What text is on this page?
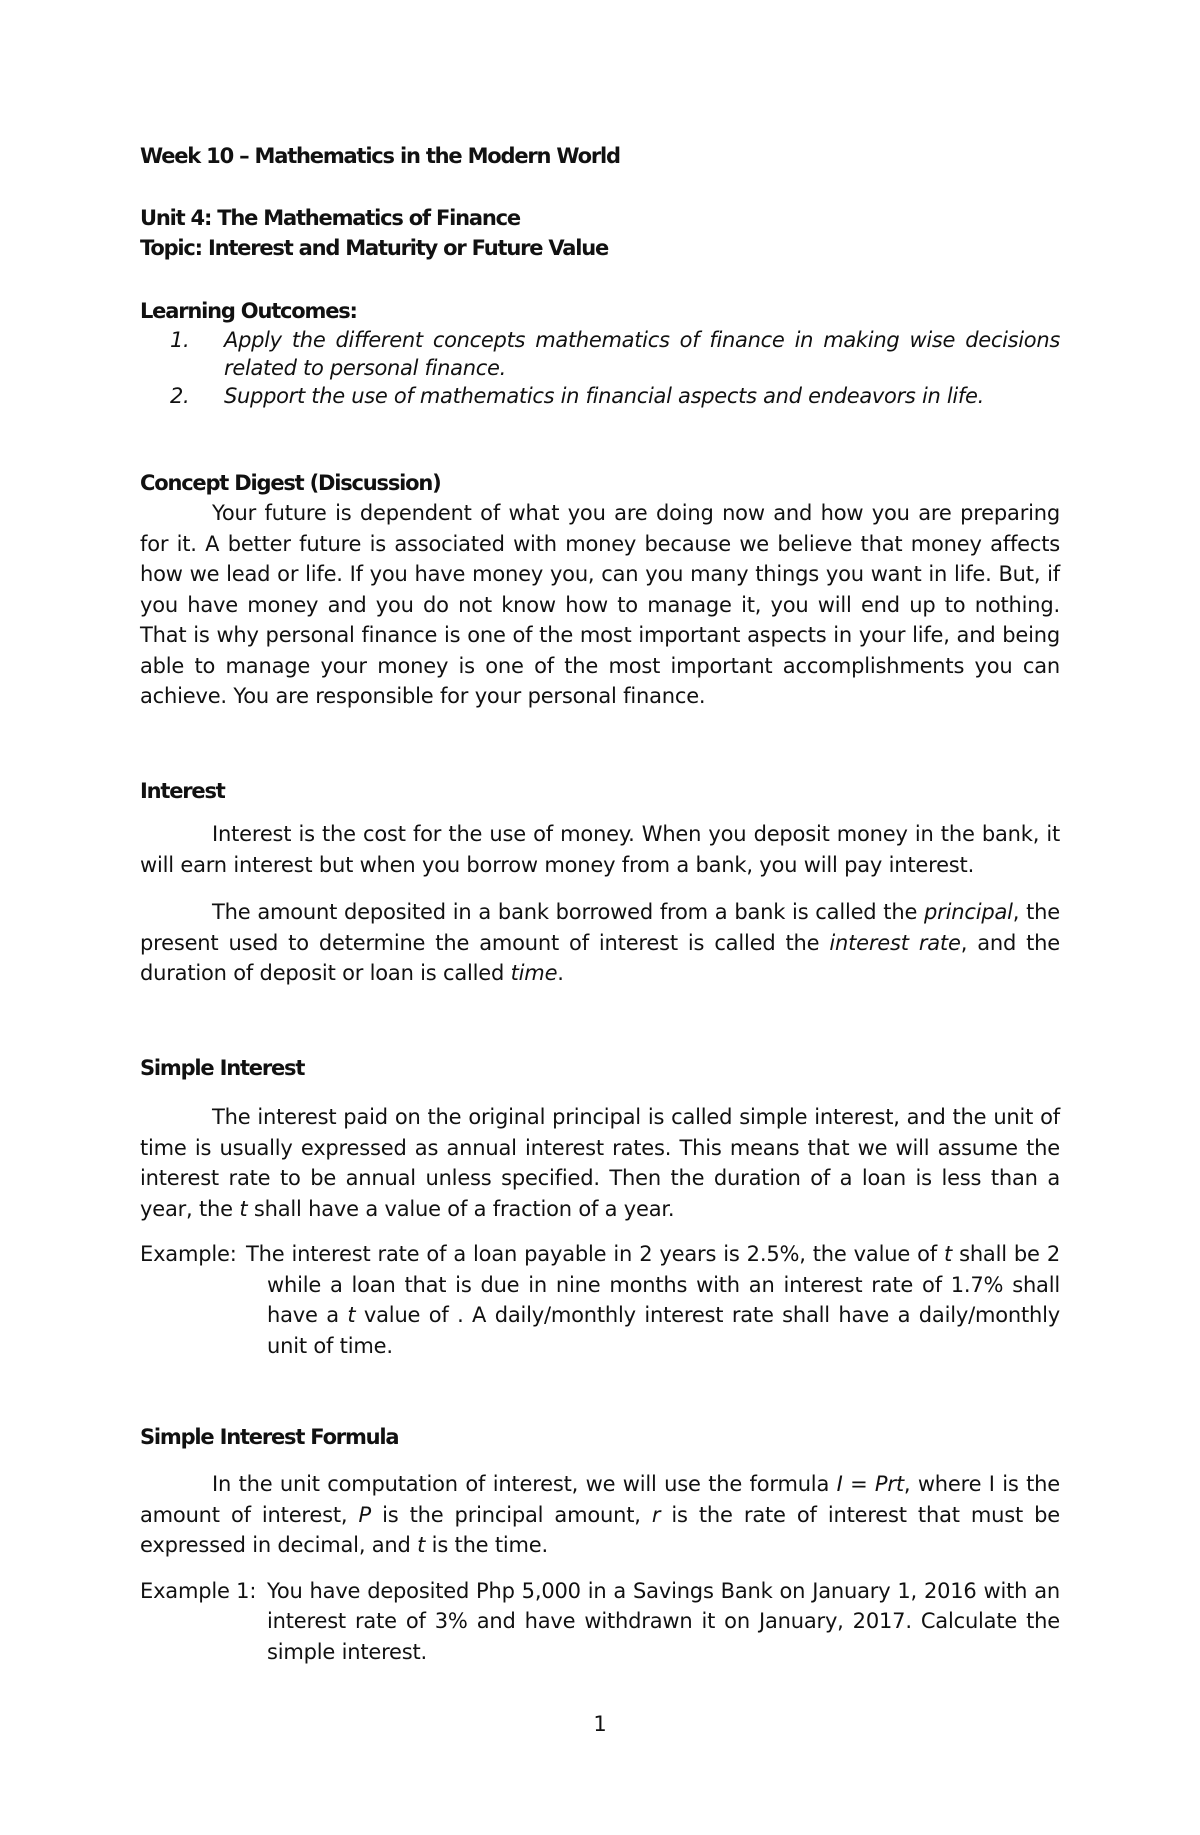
Week 10 – Mathematics in the Modern World

Unit 4: The Mathematics of Finance

Topic: Interest and Maturity or Future Value

Learning Outcomes:

1. Apply the different concepts mathematics of finance in making wise decisions related to personal finance.
2. Support the use of mathematics in financial aspects and endeavors in life.

Concept Digest (Discussion)

Your future is dependent of what you are doing now and how you are preparing for it. A better future is associated with money because we believe that money affects how we lead or life. If you have money you, can you many things you want in life. But, if you have money and you do not know how to manage it, you will end up to nothing. That is why personal finance is one of the most important aspects in your life, and being able to manage your money is one of the most important accomplishments you can achieve. You are responsible for your personal finance.

Interest

Interest is the cost for the use of money. When you deposit money in the bank, it will earn interest but when you borrow money from a bank, you will pay interest.

The amount deposited in a bank borrowed from a bank is called the principal, the present used to determine the amount of interest is called the interest rate, and the duration of deposit or loan is called time.

Simple Interest

The interest paid on the original principal is called simple interest, and the unit of time is usually expressed as annual interest rates. This means that we will assume the interest rate to be annual unless specified. Then the duration of a loan is less than a year, the t shall have a value of a fraction of a year.

Example: The interest rate of a loan payable in 2 years is 2.5%, the value of t shall be 2 while a loan that is due in nine months with an interest rate of 1.7% shall have a t value of . A daily/monthly interest rate shall have a daily/monthly unit of time.

Simple Interest Formula

In the unit computation of interest, we will use the formula I = Prt, where I is the amount of interest, P is the principal amount, r is the rate of interest that must be expressed in decimal, and t is the time.

Example 1: You have deposited Php 5,000 in a Savings Bank on January 1, 2016 with an interest rate of 3% and have withdrawn it on January, 2017. Calculate the simple interest.

1
